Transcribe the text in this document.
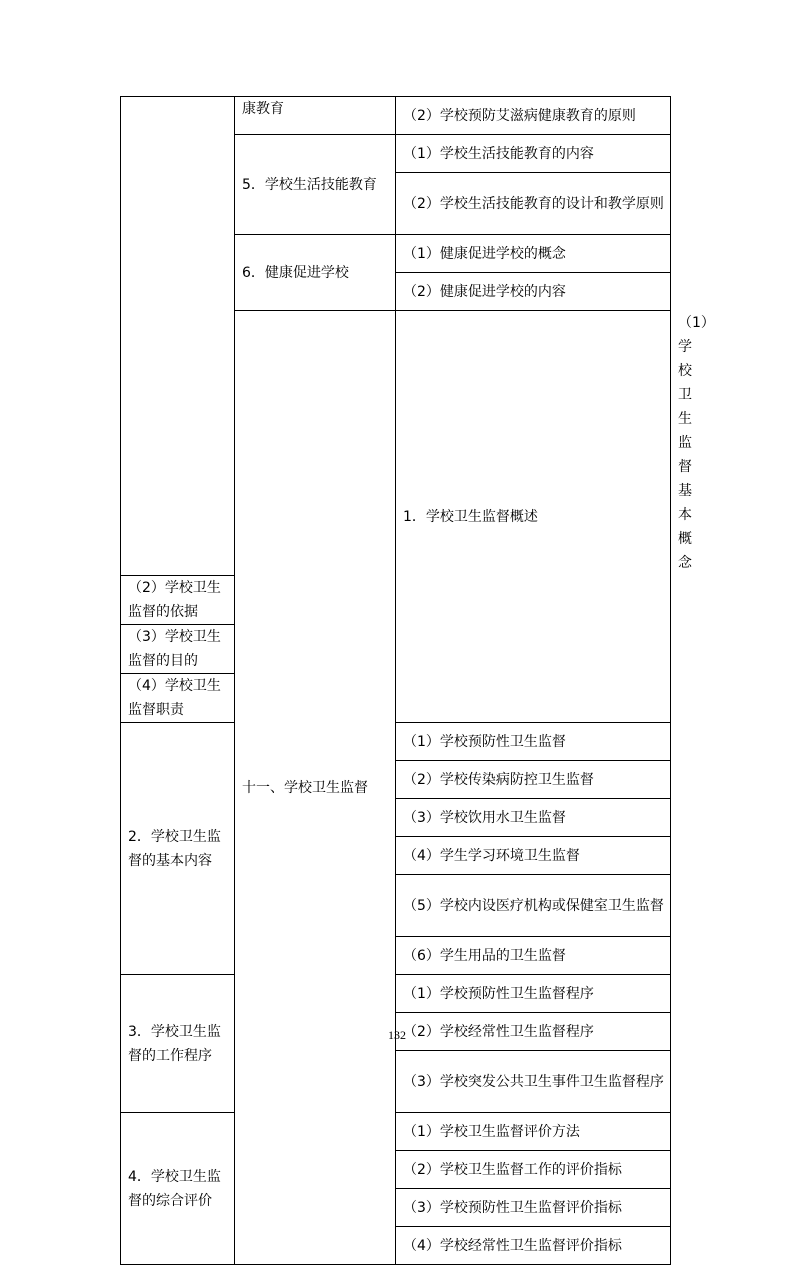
	康教育	（2）学校预防艾滋病健康教育的原则	
	5．学校生活技能教育	（1）学校生活技能教育的内容	
		（2）学校生活技能教育的设计和教学原则	
	6．健康促进学校	（1）健康促进学校的概念	
		（2）健康促进学校的内容	
	十一、学校卫生监督	1．学校卫生监督概述	（1）学校卫生监督基本概念
（2）学校卫生监督的依据			
（3）学校卫生监督的目的			
（4）学校卫生监督职责			
2．学校卫生监督的基本内容		（1）学校预防性卫生监督	
		（2）学校传染病防控卫生监督	
		（3）学校饮用水卫生监督	
		（4）学生学习环境卫生监督	
		（5）学校内设医疗机构或保健室卫生监督	
		（6）学生用品的卫生监督	
3．学校卫生监督的工作程序		（1）学校预防性卫生监督程序	
		（2）学校经常性卫生监督程序	
		（3）学校突发公共卫生事件卫生监督程序	
4．学校卫生监督的综合评价		（1）学校卫生监督评价方法	
		（2）学校卫生监督工作的评价指标	
		（3）学校预防性卫生监督评价指标	
		（4）学校经常性卫生监督评价指标	
132
